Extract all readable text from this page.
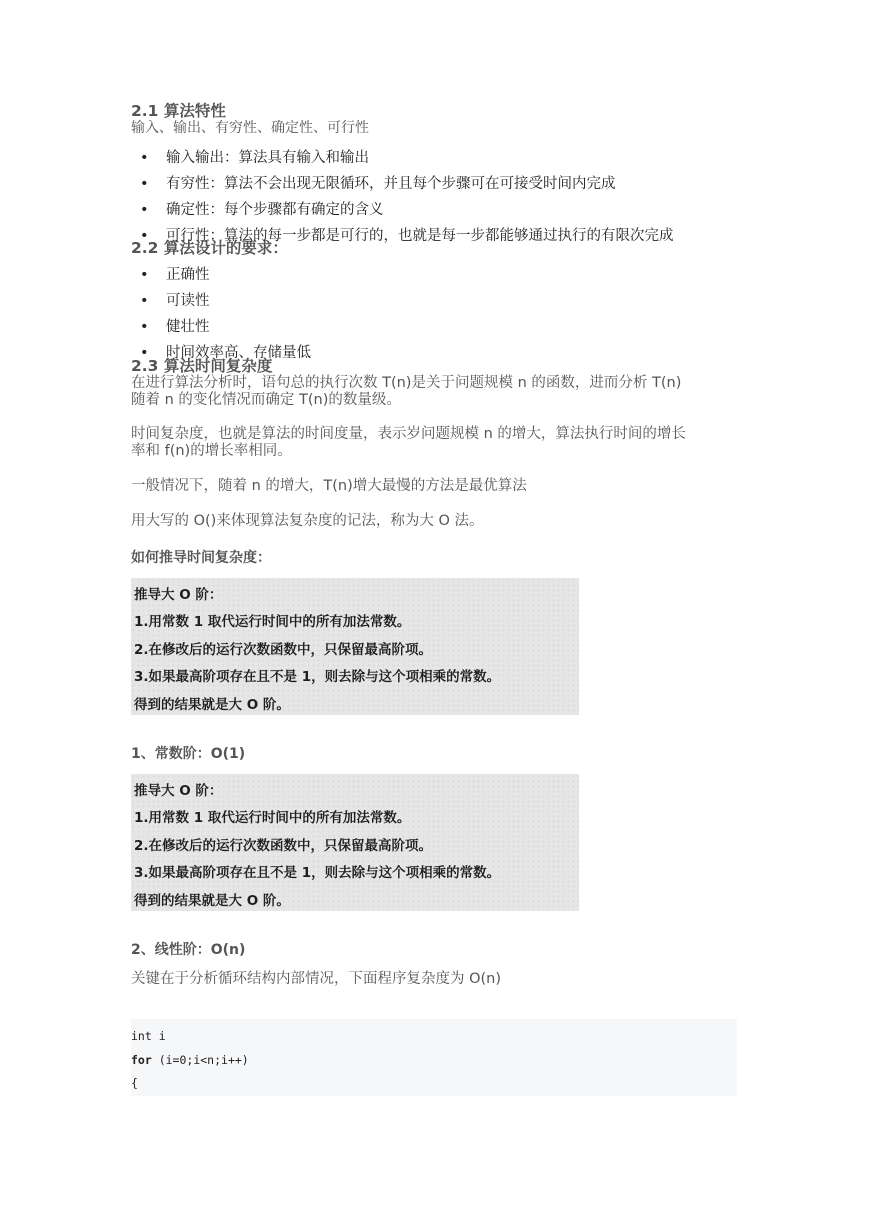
2.1 算法特性

输入、输出、有穷性、确定性、可行性

• 输入输出：算法具有输入和输出
• 有穷性：算法不会出现无限循环，并且每个步骤可在可接受时间内完成
• 确定性：每个步骤都有确定的含义
• 可行性：算法的每一步都是可行的，也就是每一步都能够通过执行的有限次完成
2.2 算法设计的要求：
• 正确性
• 可读性
• 健壮性
• 时间效率高、存储量低
2.3 算法时间复杂度

在进行算法分析时，语句总的执行次数 T(n)是关于问题规模 n 的函数，进而分析 T(n)

随着 n 的变化情况而确定 T(n)的数量级。

时间复杂度，也就是算法的时间度量，表示岁问题规模 n 的增大，算法执行时间的增长

率和 f(n)的增长率相同。

一般情况下，随着 n 的增大，T(n)增大最慢的方法是最优算法

用大写的 O()来体现算法复杂度的记法，称为大 O 法。

如何推导时间复杂度：

推导大 O 阶：
1.用常数 1 取代运行时间中的所有加法常数。
2.在修改后的运行次数函数中，只保留最高阶项。
3.如果最高阶项存在且不是 1，则去除与这个项相乘的常数。
得到的结果就是大 O 阶。

1、常数阶：O(1)

推导大 O 阶：
1.用常数 1 取代运行时间中的所有加法常数。
2.在修改后的运行次数函数中，只保留最高阶项。
3.如果最高阶项存在且不是 1，则去除与这个项相乘的常数。
得到的结果就是大 O 阶。

2、线性阶：O(n)

关键在于分析循环结构内部情况，下面程序复杂度为 O(n)

int i
for (i=0;i<n;i++)
{
